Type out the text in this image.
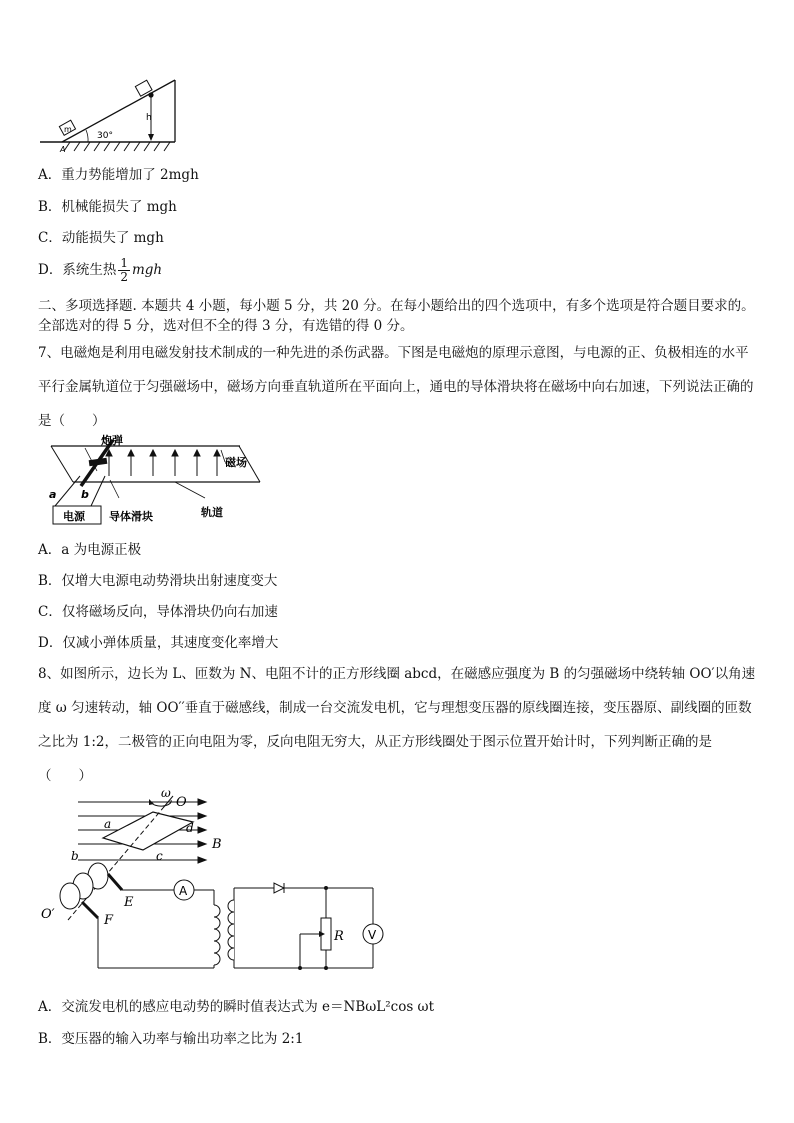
m
30°
h
A
A．重力势能增加了 2mgh
B．机械能损失了 mgh
C．动能损失了 mgh
D．系统生热 $\frac{1}{2}$ mgh
二、多项选择题. 本题共 4 小题，每小题 5 分，共 20 分。在每小题给出的四个选项中，有多个选项是符合题目要求的。全部选对的得 5 分，选对但不全的得 3 分，有选错的得 0 分。
7、电磁炮是利用电磁发射技术制成的一种先进的杀伤武器。下图是电磁炮的原理示意图，与电源的正、负极相连的水平平行金属轨道位于匀强磁场中，磁场方向垂直轨道所在平面向上，通电的导体滑块将在磁场中向右加速，下列说法正确的是（　　）
炮弹
磁场
电源 导体滑块	轨道
a b
A．a 为电源正极
B．仅增大电源电动势滑块出射速度变大
C．仅将磁场反向，导体滑块仍向右加速
D．仅减小弹体质量，其速度变化率增大
8、如图所示，边长为 L、匝数为 N、电阻不计的正方形线圈 abcd，在磁感应强度为 B 的匀强磁场中绕转轴 OO′以角速度 ω 匀速转动，轴 OO′′垂直于磁感线，制成一台交流发电机，它与理想变压器的原线圈连接，变压器原、副线圈的匝数之比为 1:2，二极管的正向电阻为零，反向电阻无穷大，从正方形线圈处于图示位置开始计时，下列判断正确的是（　　）
ω
O
O′
a
b	c
d
B
E
F
A
R V
A．交流发电机的感应电动势的瞬时值表达式为 e＝NBωL²cos ωt
B．变压器的输入功率与输出功率之比为 2:1
